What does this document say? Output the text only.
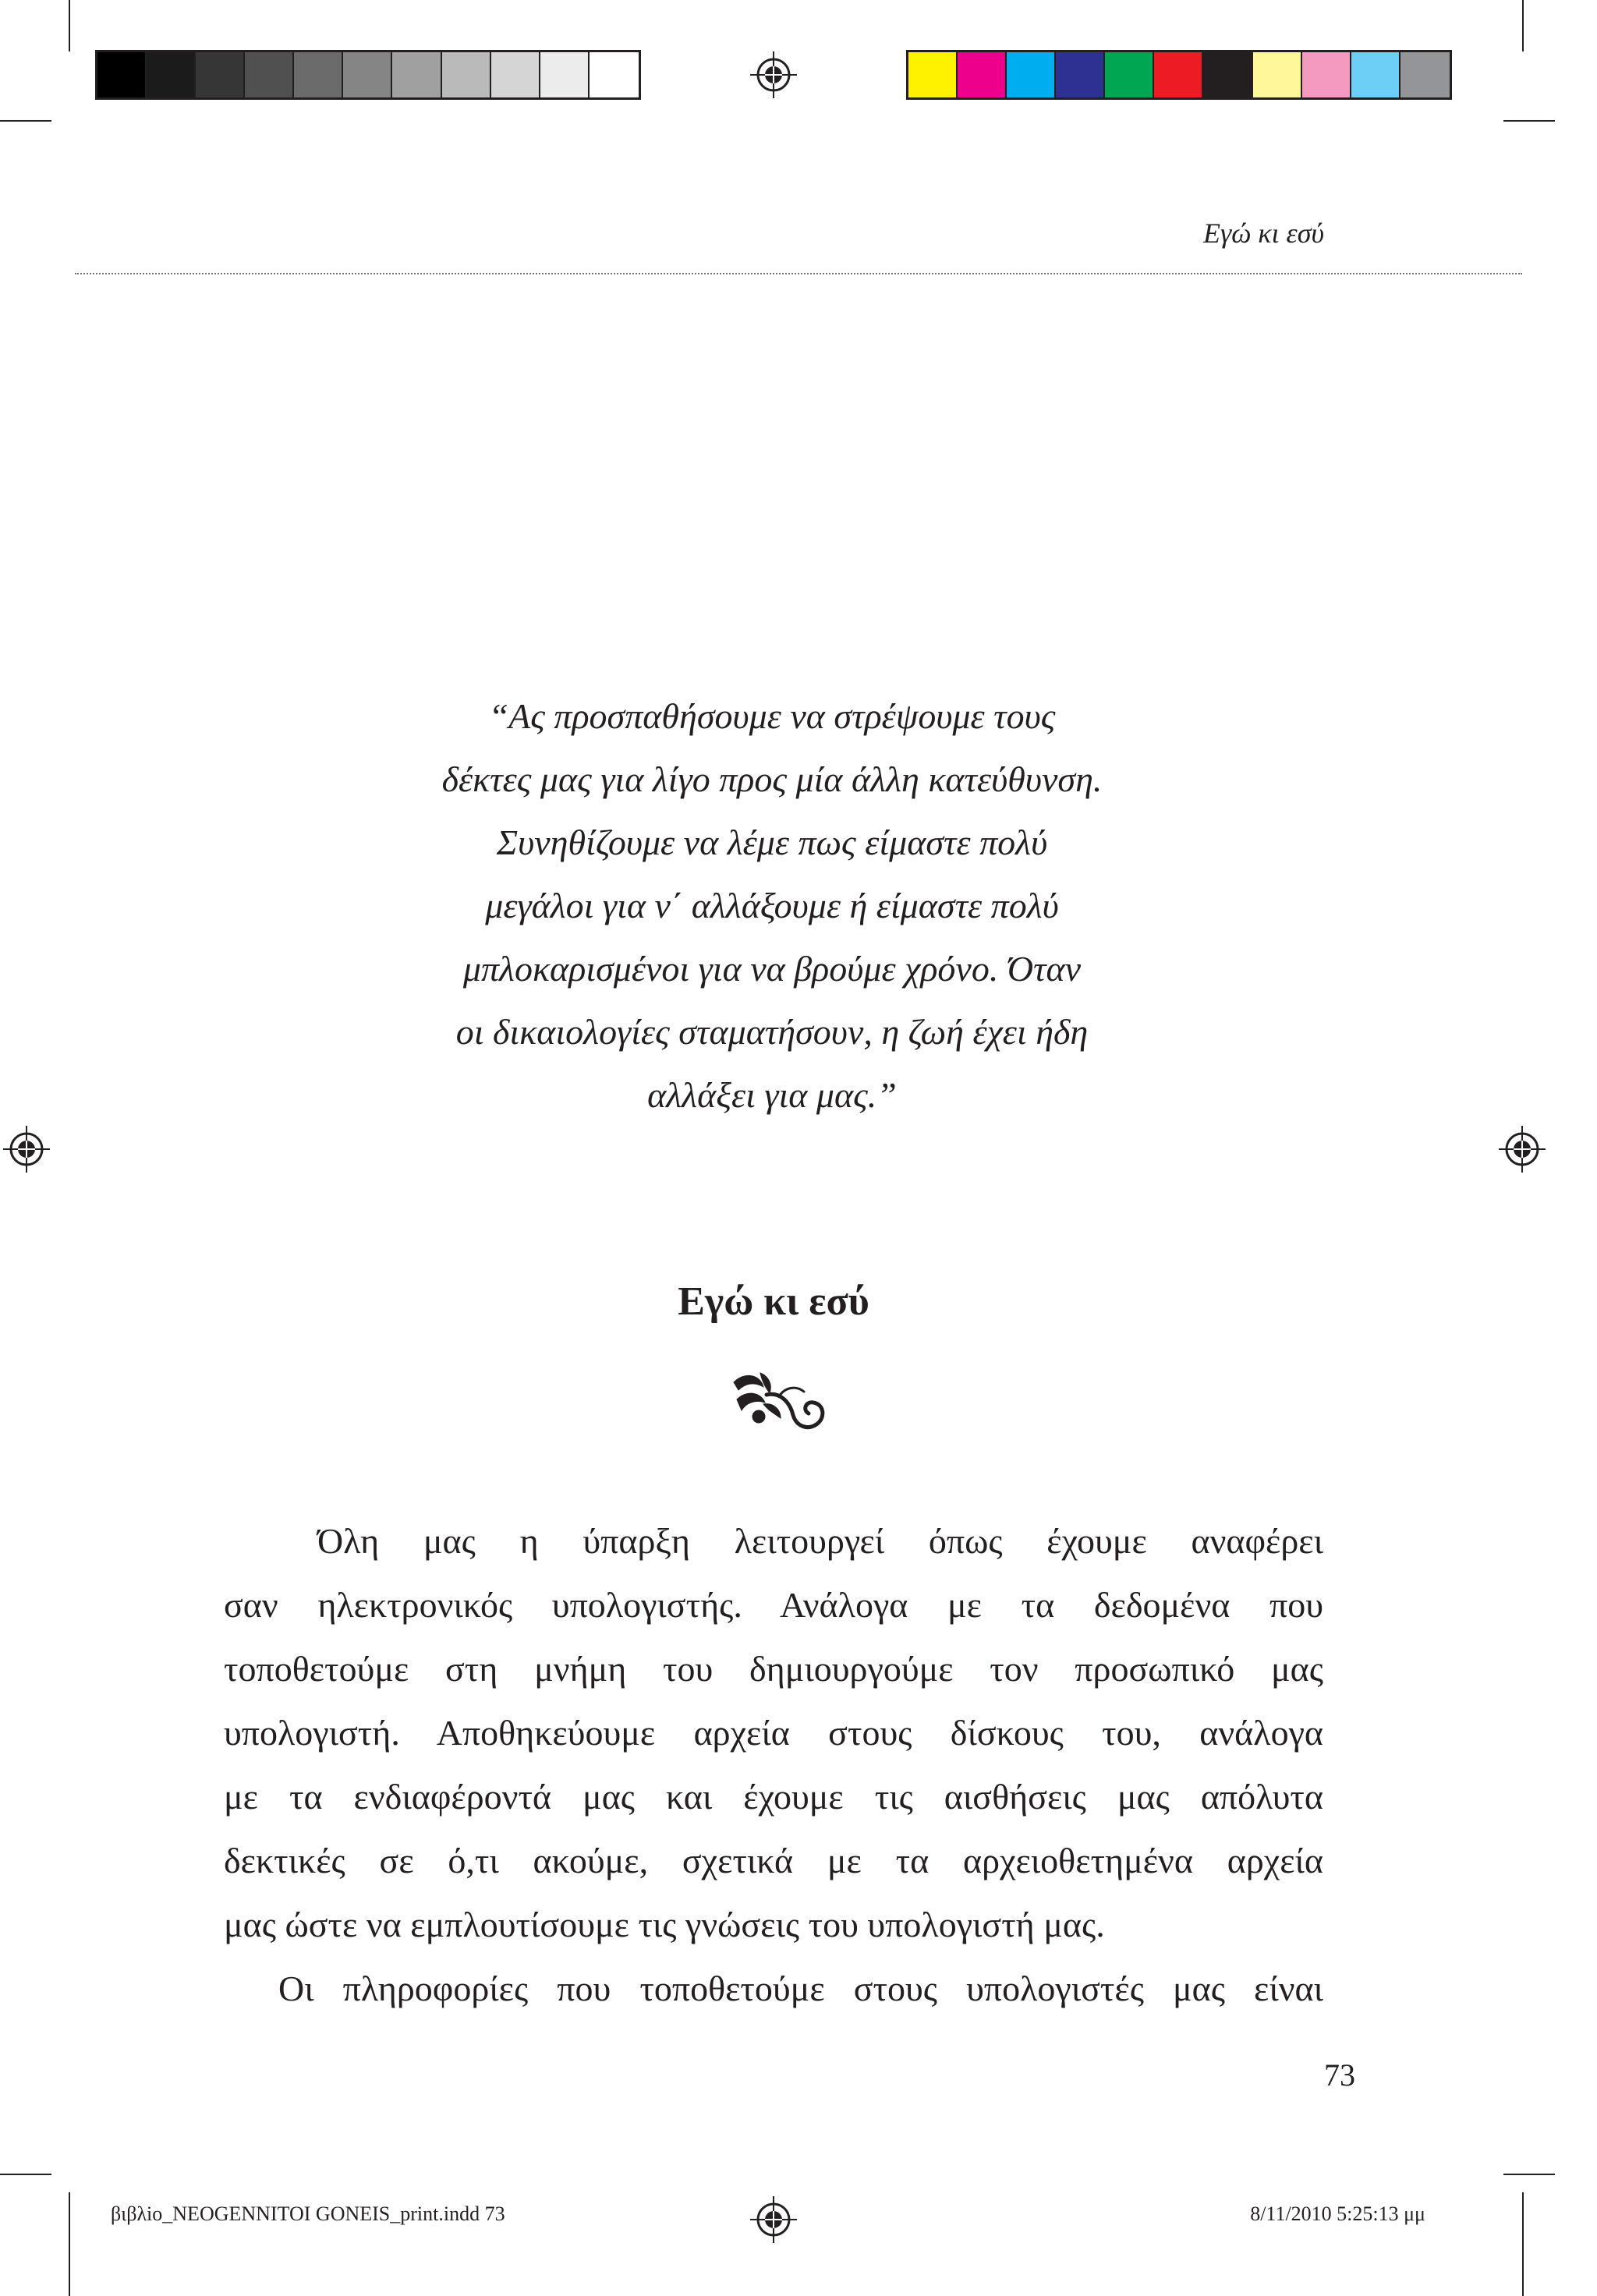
Εγώ κι εσύ
“Ας προσπαθήσουμε να στρέψουμε τους
δέκτες μας για λίγο προς μία άλλη κατεύθυνση.
Συνηθίζουμε να λέμε πως είμαστε πολύ
μεγάλοι για ν΄ αλλάξουμε ή είμαστε πολύ
μπλοκαρισμένοι για να βρούμε χρόνο. Όταν
οι δικαιολογίες σταματήσουν, η ζωή έχει ήδη
αλλάξει για μας.”
Εγώ κι εσύ
Όλη μας η ύπαρξη λειτουργεί όπως έχουμε αναφέρει
σαν ηλεκτρονικός υπολογιστής. Ανάλογα με τα δεδομένα που
τοποθετούμε στη μνήμη του δημιουργούμε τον προσωπικό μας
υπολογιστή. Αποθηκεύουμε αρχεία στους δίσκους του, ανάλογα
με τα ενδιαφέροντά μας και έχουμε τις αισθήσεις μας απόλυτα
δεκτικές σε ό,τι ακούμε, σχετικά με τα αρχειοθετημένα αρχεία
μας ώστε να εμπλουτίσουμε τις γνώσεις του υπολογιστή μας.
Οι πληροφορίες που τοποθετούμε στους υπολογιστές μας είναι
73
βιβλio_NEOGENNITOI GONEIS_print.indd 73	8/11/2010 5:25:13 μμ
